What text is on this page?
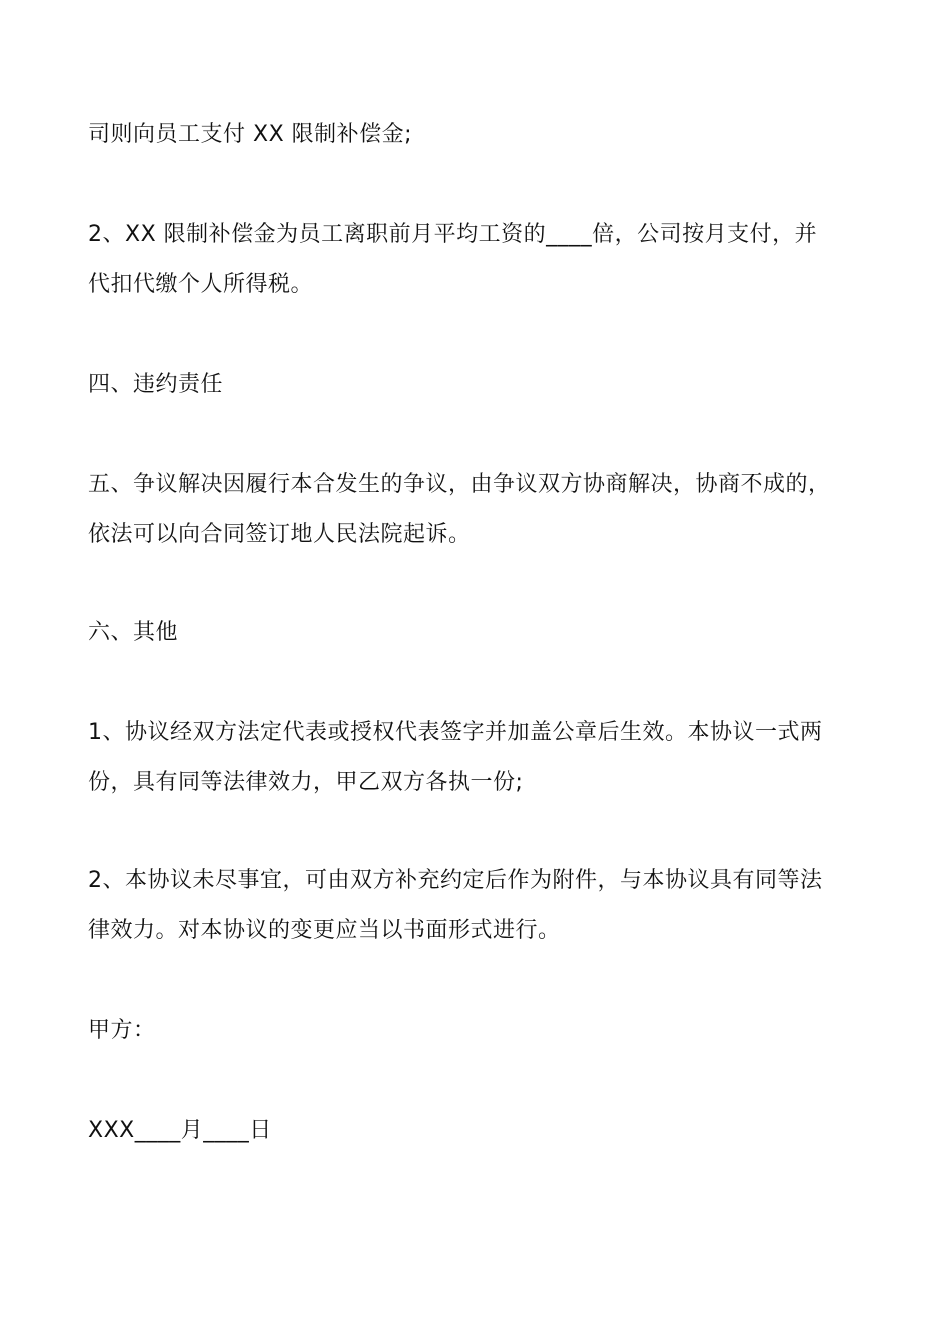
司则向员工支付 XX 限制补偿金;

2、XX 限制补偿金为员工离职前月平均工资的____倍，公司按月支付，并
代扣代缴个人所得税。

四、违约责任

五、争议解决因履行本合发生的争议，由争议双方协商解决，协商不成的，
依法可以向合同签订地人民法院起诉。

六、其他

1、协议经双方法定代表或授权代表签字并加盖公章后生效。本协议一式两
份，具有同等法律效力，甲乙双方各执一份;

2、本协议未尽事宜，可由双方补充约定后作为附件，与本协议具有同等法
律效力。对本协议的变更应当以书面形式进行。

甲方：

XXX____月____日
